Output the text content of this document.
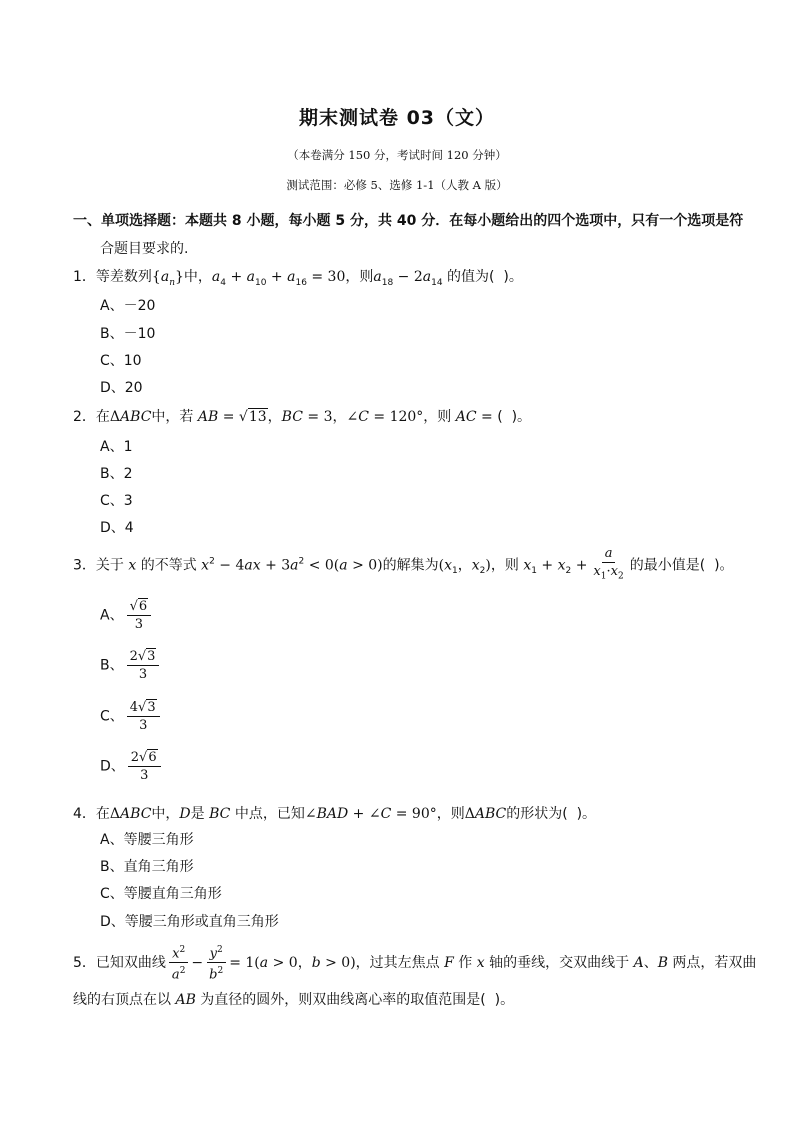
期末测试卷 03（文）
（本卷满分 150 分，考试时间 120 分钟）
测试范围：必修 5、选修 1-1（人教 A 版）
一、单项选择题：本题共 8 小题，每小题 5 分，共 40 分．在每小题给出的四个选项中，只有一个选项是符
合题目要求的.
1．等差数列$\{a_n\}$中，$a_4 + a_{10} + a_{16} = 30$，则$a_{18} - 2a_{14}$ 的值为(  )。
A、－20
B、－10
C、10
D、20
2．在ΔABC中，若 AB = √13，BC = 3，∠C = 120°，则 AC = (  )。
A、1
B、2
C、3
D、4
3．关于 x 的不等式 $x^2 - 4ax + 3a^2 < 0(a > 0)$的解集为($x_1$，$x_2$)，则 $x_1 + x_2 + \frac{a}{x_1\cdot x_2}$ 的最小值是(  )。
A、 $\frac{√6}{3}$
B、 $\frac{2√3}{3}$
C、 $\frac{4√3}{3}$
D、 $\frac{2√6}{3}$
4．在ΔABC中，D是 BC 中点，已知∠BAD + ∠C = 90°，则ΔABC的形状为(  )。
A、等腰三角形
B、直角三角形
C、等腰直角三角形
D、等腰三角形或直角三角形
5．已知双曲线 $\frac{x^2}{a^2} - \frac{y^2}{b^2} = 1(a > 0$，b > 0)，过其左焦点 F 作 x 轴的垂线，交双曲线于 A、B 两点，若双曲
线的右顶点在以 AB 为直径的圆外，则双曲线离心率的取值范围是(  )。
